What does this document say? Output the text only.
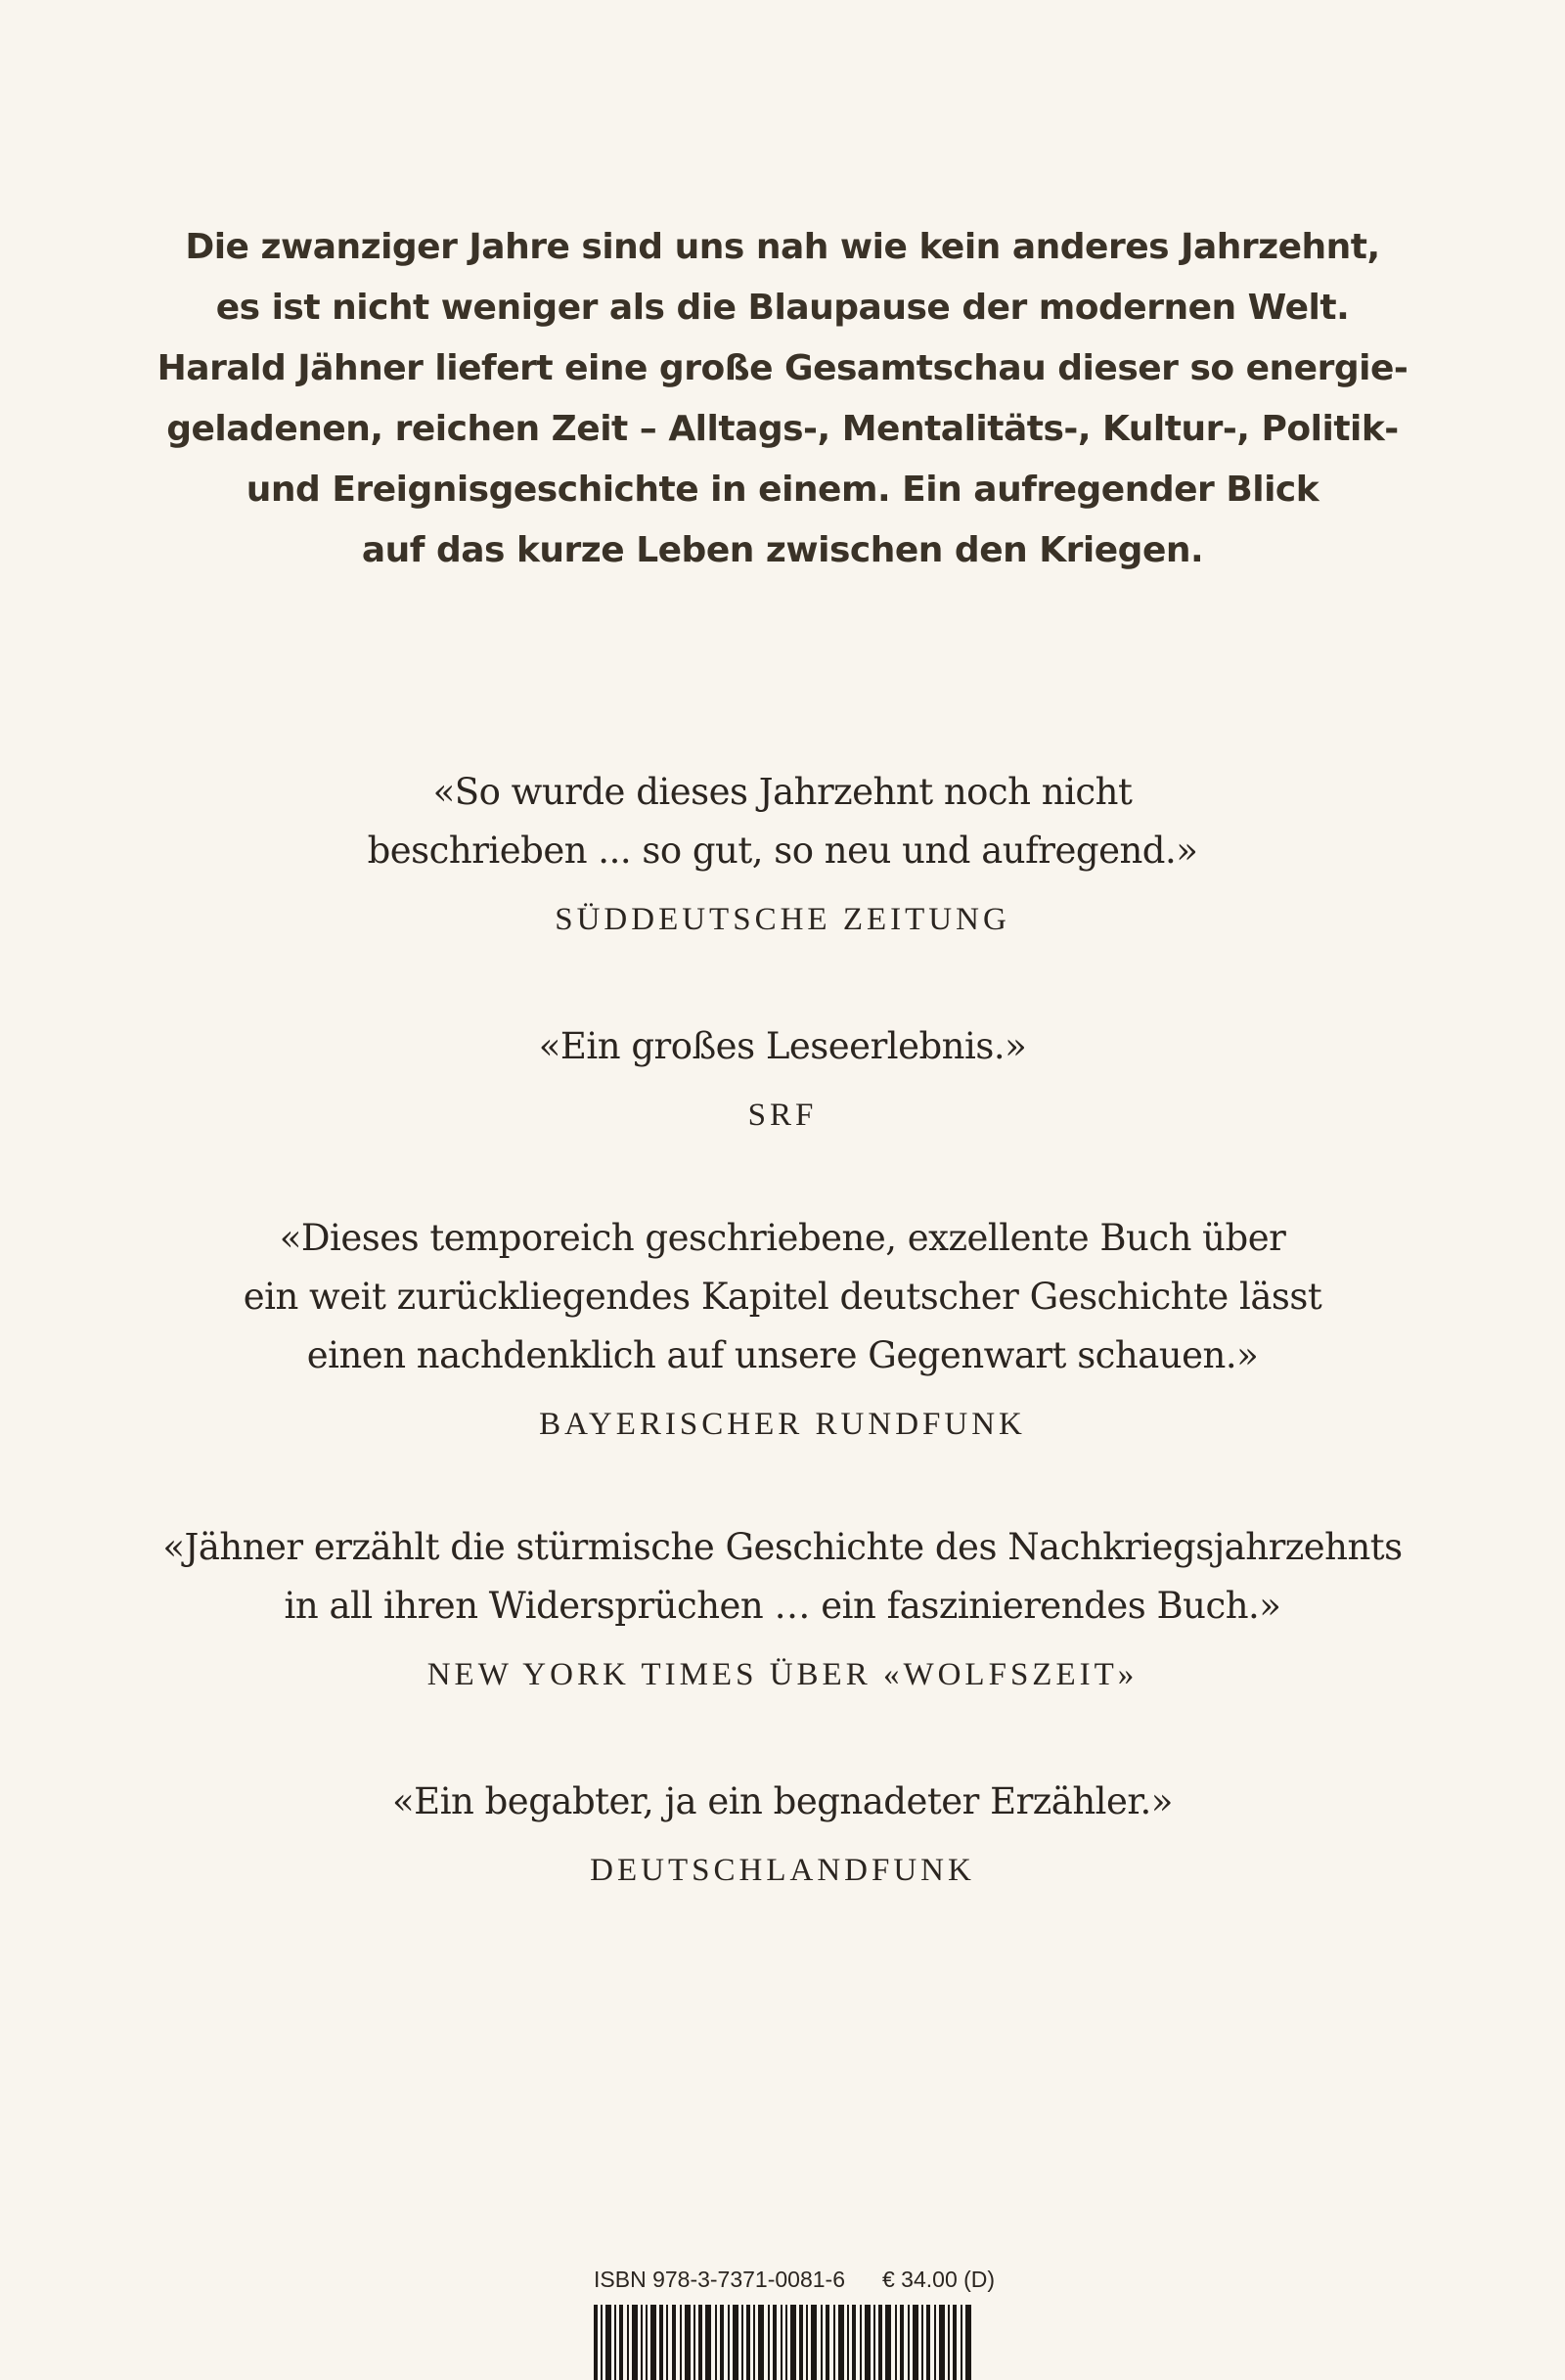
Die zwanziger Jahre sind uns nah wie kein anderes Jahrzehnt,
es ist nicht weniger als die Blaupause der modernen Welt.
Harald Jähner liefert eine große Gesamtschau dieser so energie-
geladenen, reichen Zeit – Alltags-, Mentalitäts-, Kultur-, Politik-
und Ereignisgeschichte in einem. Ein aufregender Blick
auf das kurze Leben zwischen den Kriegen.

«So wurde dieses Jahrzehnt noch nicht
beschrieben ... so gut, so neu und aufregend.»

SÜDDEUTSCHE ZEITUNG

«Ein großes Leseerlebnis.»

SRF

«Dieses temporeich geschriebene, exzellente Buch über
ein weit zurückliegendes Kapitel deutscher Geschichte lässt
einen nachdenklich auf unsere Gegenwart schauen.»

BAYERISCHER RUNDFUNK

«Jähner erzählt die stürmische Geschichte des Nachkriegsjahrzehnts
in all ihren Widersprüchen … ein faszinierendes Buch.»

NEW YORK TIMES ÜBER «WOLFSZEIT»

«Ein begabter, ja ein begnadeter Erzähler.»

DEUTSCHLANDFUNK

ISBN 978-3-7371-0081-6 € 34.00 (D)
